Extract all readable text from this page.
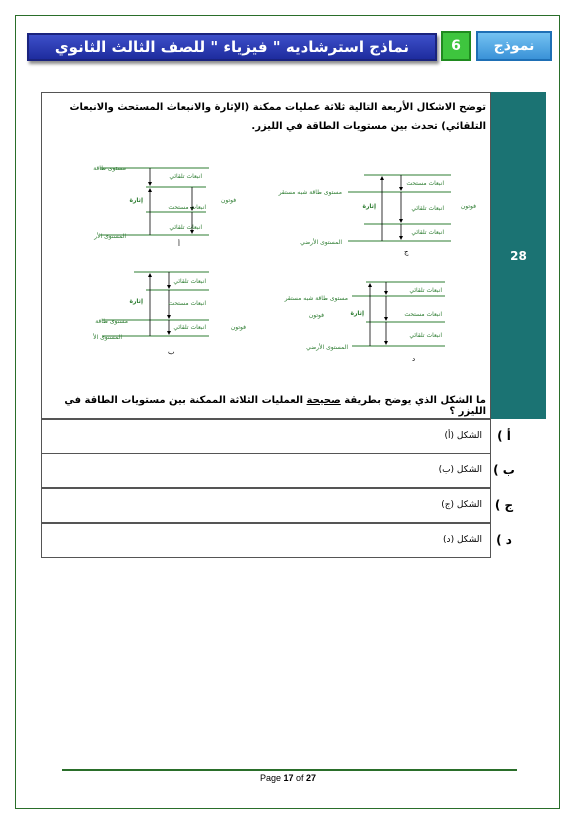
نماذج استرشاديه " فيزياء " للصف الثالث الثانوي	6	نموذج
28
توضح الاشكال الأربعة التالية ثلاثة عمليات ممكنة (الإثارة والانبعاث المستحث والانبعاث التلقائي) تحدث بين مستويات الطاقة في الليزر.
مستوى طاقة
انبعاث تلقائي
إثارة	فوتون
انبعاث مستحث
انبعاث تلقائي
المستوى الأر
أ
انبعاث مستحث
مستوى طاقة شبه مستقر
إثارة	فوتون
انبعاث تلقائي
انبعاث تلقائي
المستوى الأرضي
ج
انبعاث تلقائي
إثارة	انبعاث مستحث
مستوى طاقة
انبعاث تلقائي	فوتون
المستوى الأ
ب
انبعاث تلقائي
مستوى طاقة شبه مستقر
إثارة
فوتون	انبعاث مستحث
انبعاث تلقائي
المستوى الأرضي
د
ما الشكل الذي يوضح بطريقة صحيحة العمليات الثلاثة الممكنة بين مستويات الطاقة في الليزر ؟
الشكل (أ)	أ )
الشكل (ب) ب )
الشكل (ج) ج )
الشكل (د) د )
Page 17 of 27
